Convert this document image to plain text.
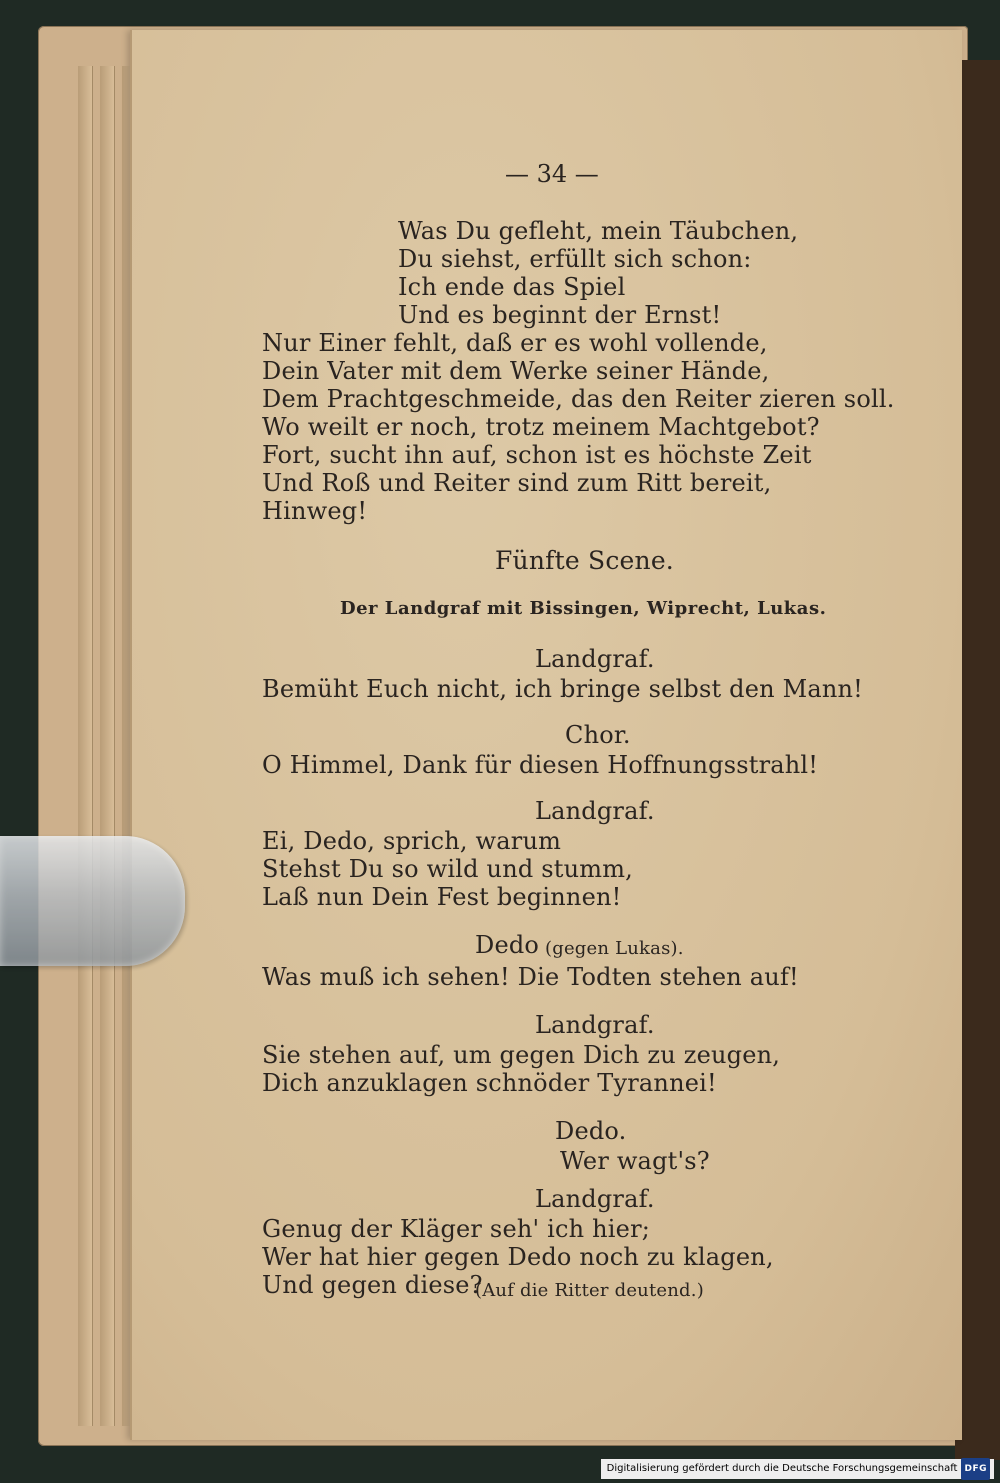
— 34 —
Was Du gefleht, mein Täubchen,
Du siehst, erfüllt sich schon:
Ich ende das Spiel
Und es beginnt der Ernst!
Nur Einer fehlt, daß er es wohl vollende,
Dein Vater mit dem Werke seiner Hände,
Dem Prachtgeschmeide, das den Reiter zieren soll.
Wo weilt er noch, trotz meinem Machtgebot?
Fort, sucht ihn auf, schon ist es höchste Zeit
Und Roß und Reiter sind zum Ritt bereit,
Hinweg!
Fünfte Scene.
Der Landgraf mit Bissingen, Wiprecht, Lukas.
Landgraf.
Bemüht Euch nicht, ich bringe selbst den Mann!
Chor.
O Himmel, Dank für diesen Hoffnungsstrahl!
Landgraf.
Ei, Dedo, sprich, warum
Stehst Du so wild und stumm,
Laß nun Dein Fest beginnen!
Dedo (gegen Lukas).
Was muß ich sehen! Die Todten stehen auf!
Landgraf.
Sie stehen auf, um gegen Dich zu zeugen,
Dich anzuklagen schnöder Tyrannei!
Dedo.
Wer wagt's?
Landgraf.
Genug der Kläger seh' ich hier;
Wer hat hier gegen Dedo noch zu klagen,
Und gegen diese?
(Auf die Ritter deutend.)
Digitalisierung gefördert durch die Deutsche Forschungsgemeinschaft DFG
